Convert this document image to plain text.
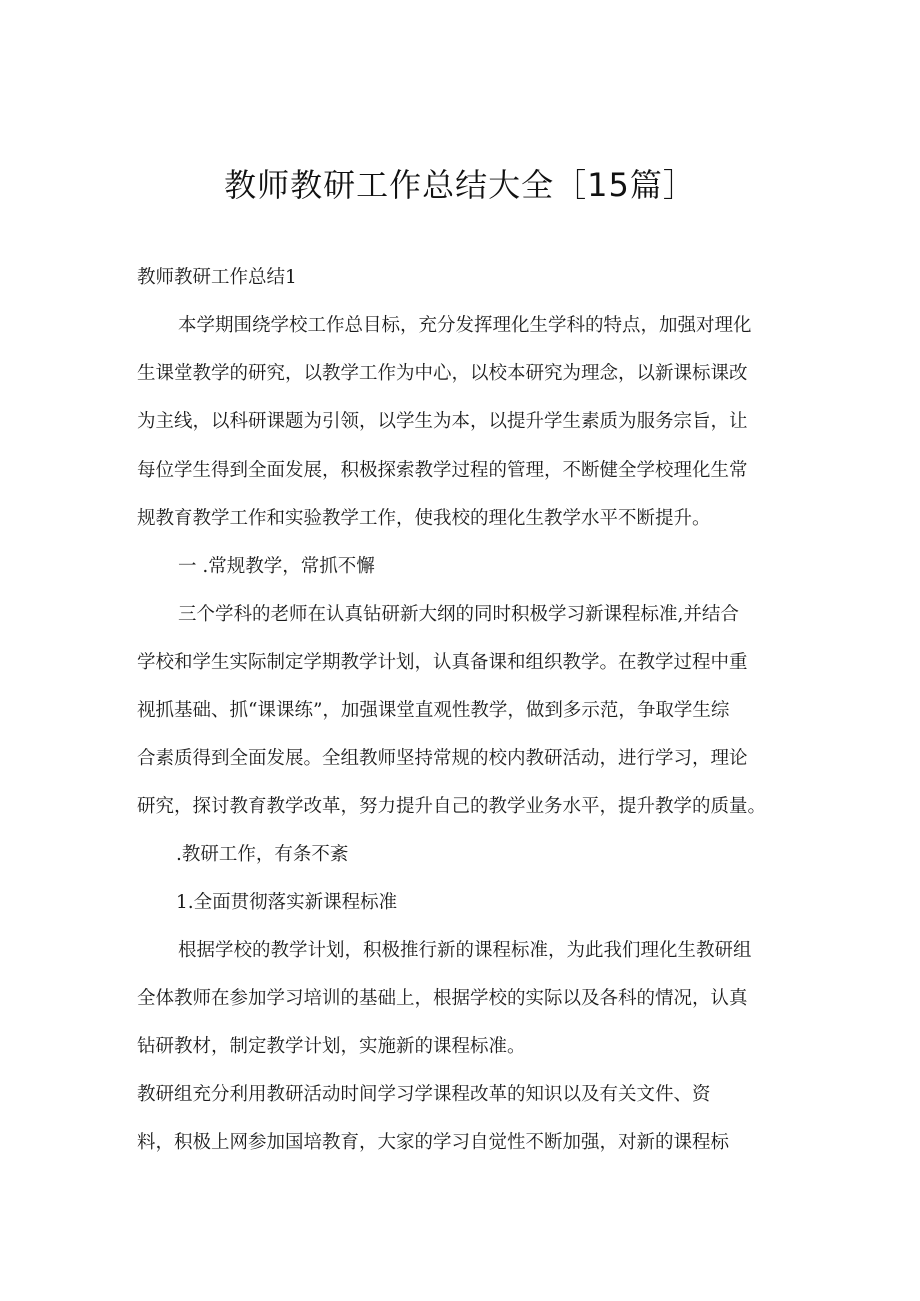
教师教研工作总结大全［15篇］
教师教研工作总结1
本学期围绕学校工作总目标，充分发挥理化生学科的特点，加强对理化
生课堂教学的研究，以教学工作为中心，以校本研究为理念，以新课标课改
为主线，以科研课题为引领，以学生为本，以提升学生素质为服务宗旨，让
每位学生得到全面发展，积极探索教学过程的管理，不断健全学校理化生常
规教育教学工作和实验教学工作，使我校的理化生教学水平不断提升。
一 .常规教学，常抓不懈
三个学科的老师在认真钻研新大纲的同时积极学习新课程标准,并结合
学校和学生实际制定学期教学计划，认真备课和组织教学。在教学过程中重
视抓基础、抓“课课练”，加强课堂直观性教学，做到多示范，争取学生综
合素质得到全面发展。全组教师坚持常规的校内教研活动，进行学习，理论
研究，探讨教育教学改革，努力提升自己的教学业务水平，提升教学的质量。
.教研工作，有条不紊
1.全面贯彻落实新课程标准
根据学校的教学计划，积极推行新的课程标准，为此我们理化生教研组
全体教师在参加学习培训的基础上，根据学校的实际以及各科的情况，认真
钻研教材，制定教学计划，实施新的课程标准。
教研组充分利用教研活动时间学习学课程改革的知识以及有关文件、资
料，积极上网参加国培教育，大家的学习自觉性不断加强，对新的课程标
